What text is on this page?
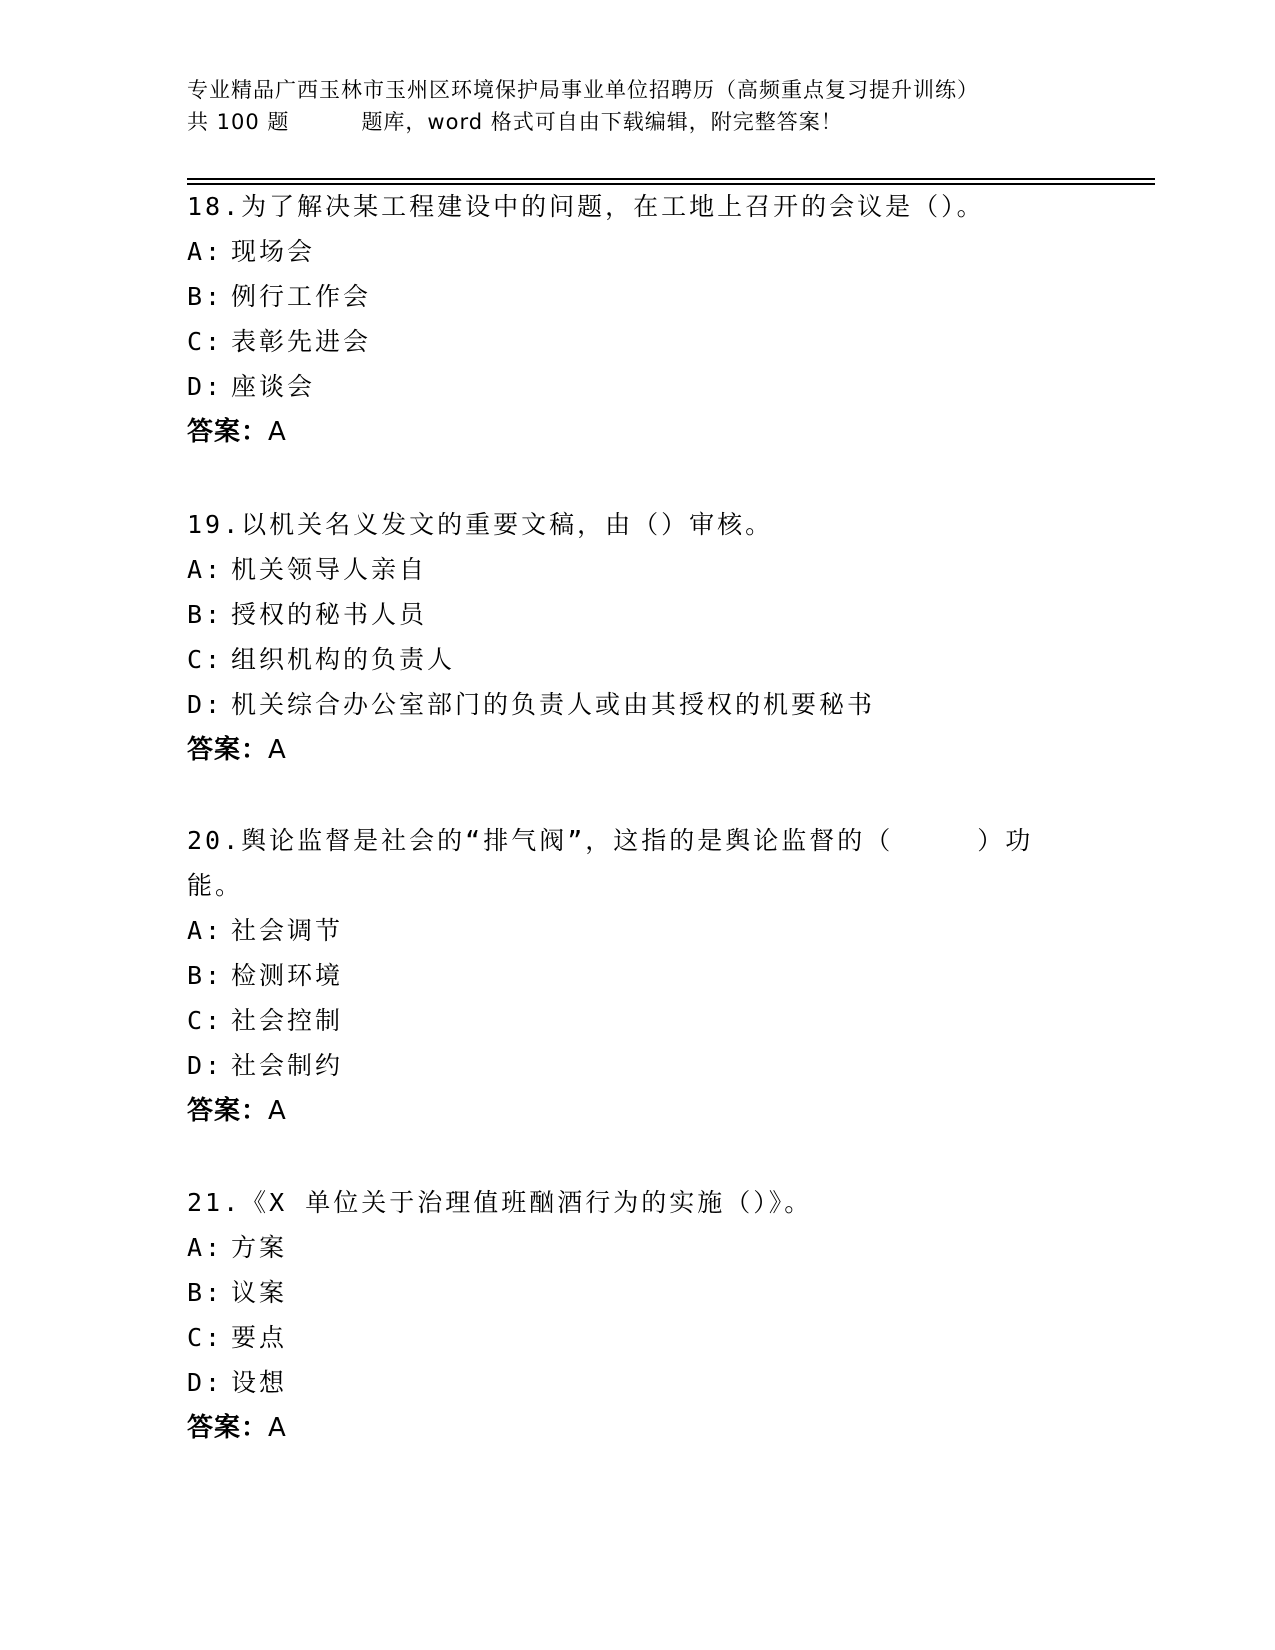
专业精品广西玉林市玉州区环境保护局事业单位招聘历（高频重点复习提升训练）
共 100 题	题库，word 格式可自由下载编辑，附完整答案！

18.为了解决某工程建设中的问题，在工地上召开的会议是（）。

A: 现场会
B: 例行工作会
C: 表彰先进会
D: 座谈会
答案：A

19.以机关名义发文的重要文稿，由（）审核。

A: 机关领导人亲自
B: 授权的秘书人员
C: 组织机构的负责人
D: 机关综合办公室部门的负责人或由其授权的机要秘书
答案：A

20.舆论监督是社会的“排气阀”，这指的是舆论监督的（　　　）功
能。

A: 社会调节
B: 检测环境
C: 社会控制
D: 社会制约
答案：A

21.《X 单位关于治理值班酗酒行为的实施（）》。

A: 方案
B: 议案
C: 要点
D: 设想
答案：A
